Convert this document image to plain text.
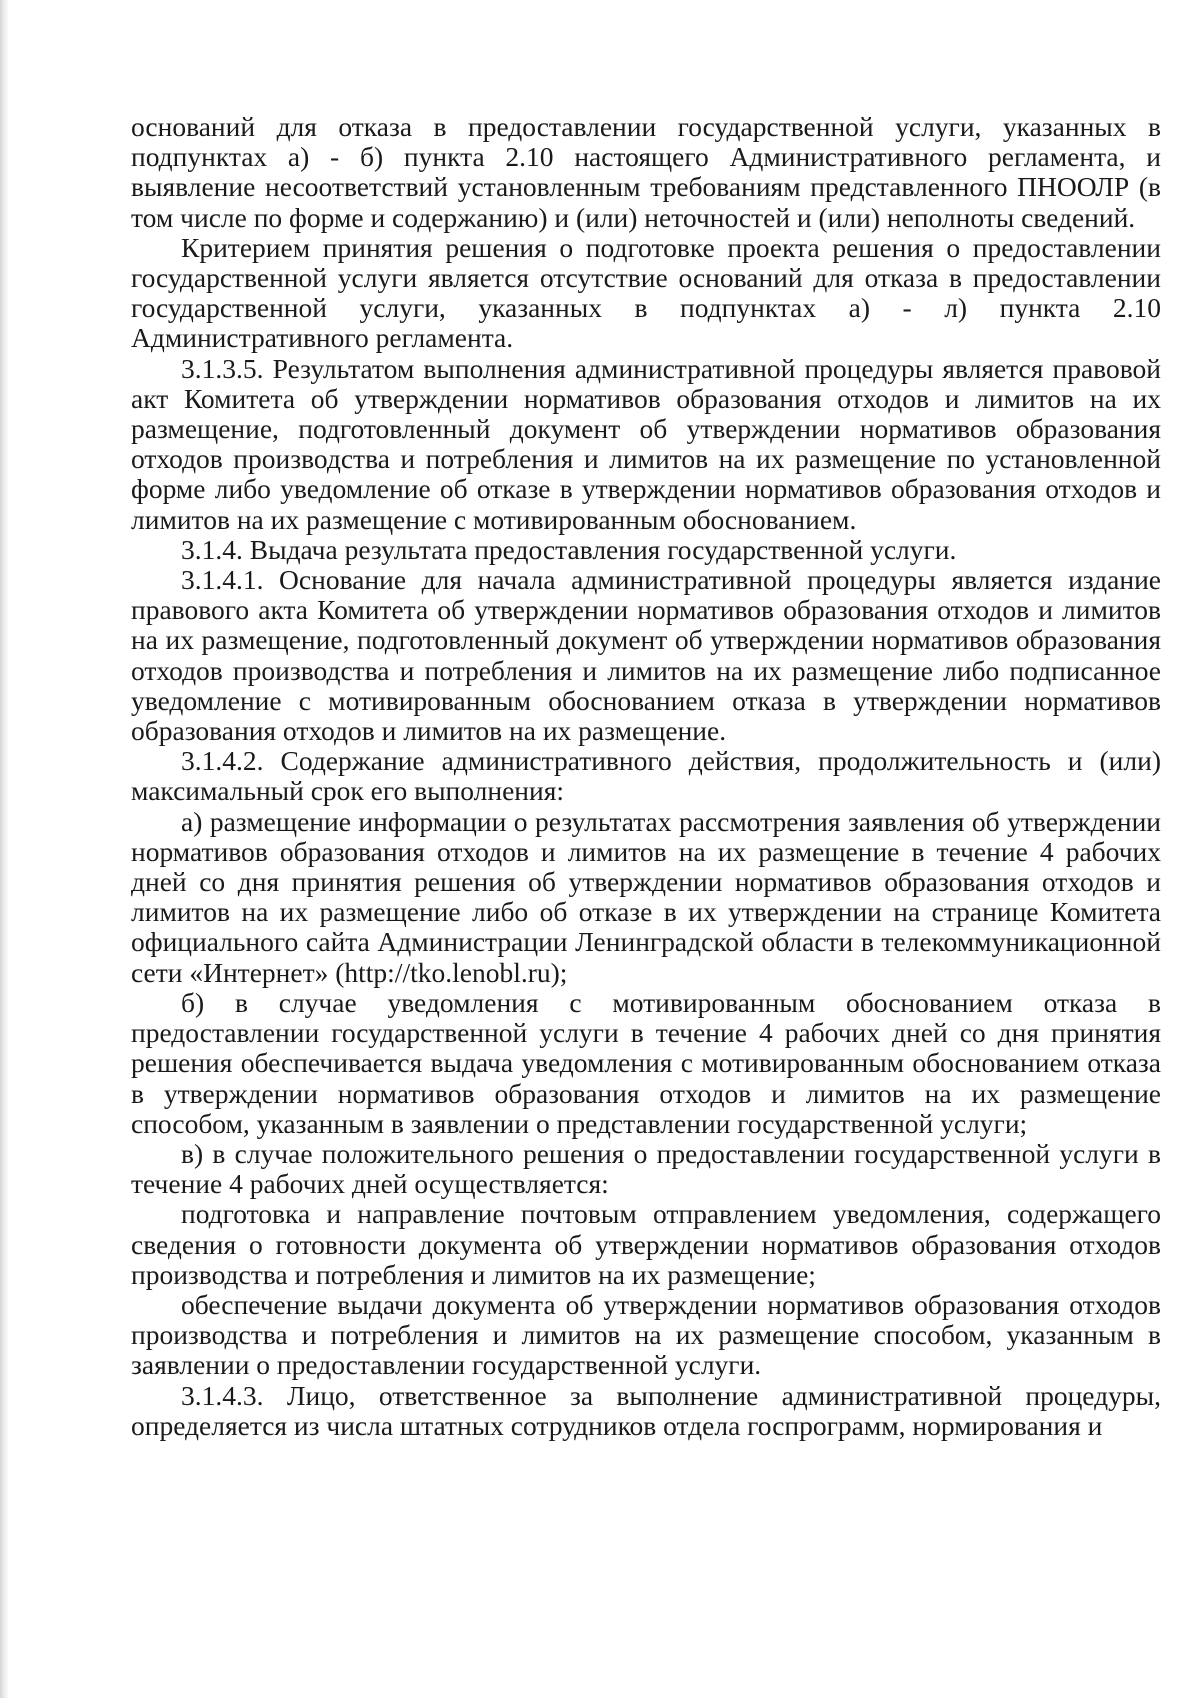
оснований для отказа в предоставлении государственной услуги, указанных в подпунктах а) - б) пункта 2.10 настоящего Административного регламента, и выявление несоответствий установленным требованиям представленного ПНООЛР (в том числе по форме и содержанию) и (или) неточностей и (или) неполноты сведений.

Критерием принятия решения о подготовке проекта решения о предоставлении государственной услуги является отсутствие оснований для отказа в предоставлении государственной услуги, указанных в подпунктах а) - л) пункта 2.10 Административного регламента.

3.1.3.5. Результатом выполнения административной процедуры является правовой акт Комитета об утверждении нормативов образования отходов и лимитов на их размещение, подготовленный документ об утверждении нормативов образования отходов производства и потребления и лимитов на их размещение по установленной форме либо уведомление об отказе в утверждении нормативов образования отходов и лимитов на их размещение с мотивированным обоснованием.

3.1.4. Выдача результата предоставления государственной услуги.

3.1.4.1. Основание для начала административной процедуры является издание правового акта Комитета об утверждении нормативов образования отходов и лимитов на их размещение, подготовленный документ об утверждении нормативов образования отходов производства и потребления и лимитов на их размещение либо подписанное уведомление с мотивированным обоснованием отказа в утверждении нормативов образования отходов и лимитов на их размещение.

3.1.4.2. Содержание административного действия, продолжительность и (или) максимальный срок его выполнения:

а) размещение информации о результатах рассмотрения заявления об утверждении нормативов образования отходов и лимитов на их размещение в течение 4 рабочих дней со дня принятия решения об утверждении нормативов образования отходов и лимитов на их размещение либо об отказе в их утверждении на странице Комитета официального сайта Администрации Ленинградской области в телекоммуникационной сети «Интернет» (http://tko.lenobl.ru);

б) в случае уведомления с мотивированным обоснованием отказа в предоставлении государственной услуги в течение 4 рабочих дней со дня принятия решения обеспечивается выдача уведомления с мотивированным обоснованием отказа в утверждении нормативов образования отходов и лимитов на их размещение способом, указанным в заявлении о представлении государственной услуги;

в) в случае положительного решения о предоставлении государственной услуги в течение 4 рабочих дней осуществляется:

подготовка и направление почтовым отправлением уведомления, содержащего сведения о готовности документа об утверждении нормативов образования отходов производства и потребления и лимитов на их размещение;

обеспечение выдачи документа об утверждении нормативов образования отходов производства и потребления и лимитов на их размещение способом, указанным в заявлении о предоставлении государственной услуги.

3.1.4.3. Лицо, ответственное за выполнение административной процедуры, определяется из числа штатных сотрудников отдела госпрограмм, нормирования и
